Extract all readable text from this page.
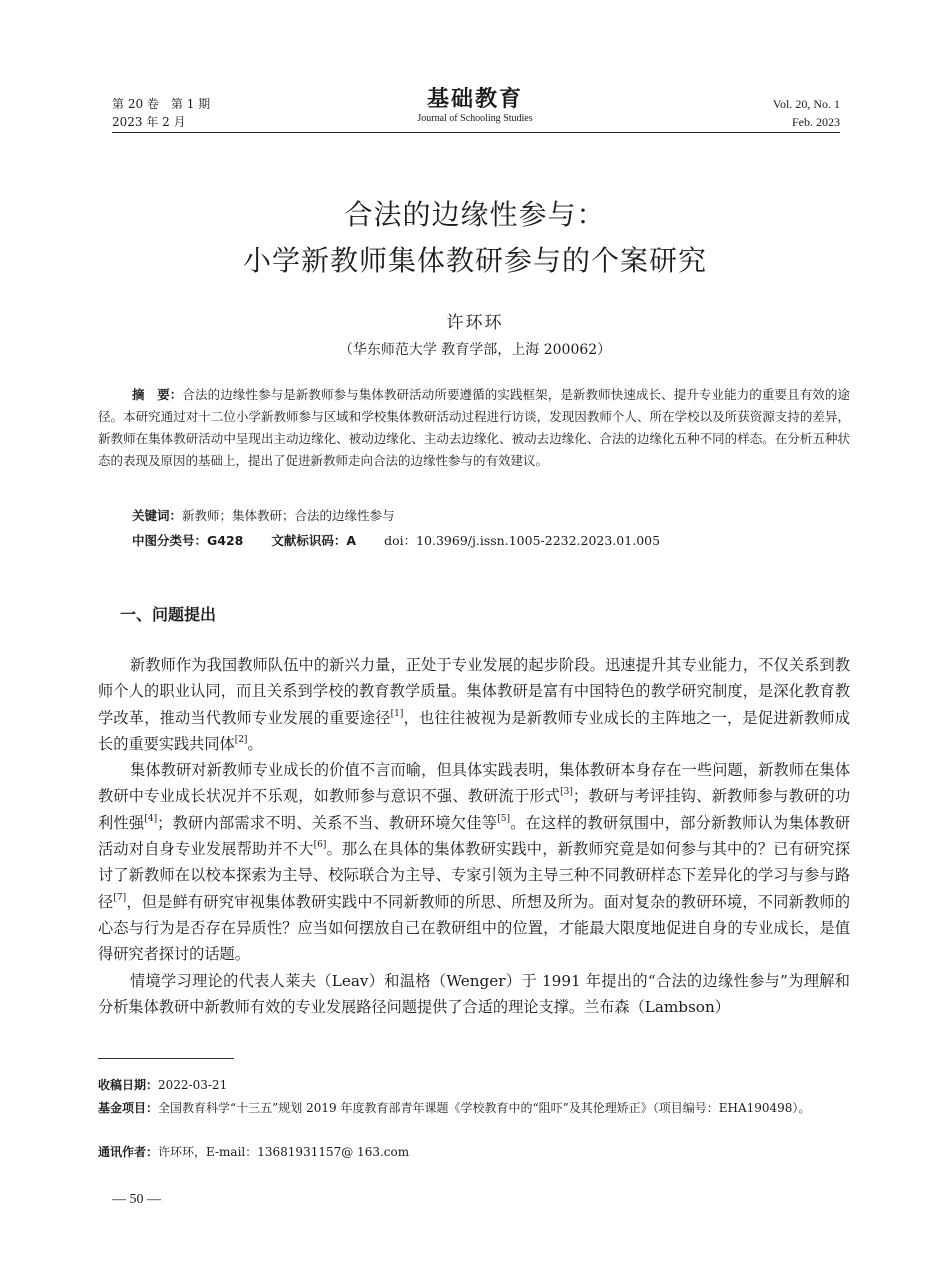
第 20 卷　第 1 期
2023 年 2 月
基础教育
Journal of Schooling Studies
Vol. 20, No. 1
Feb. 2023
合法的边缘性参与：
小学新教师集体教研参与的个案研究
许环环
（华东师范大学 教育学部，上海 200062）
摘　要：合法的边缘性参与是新教师参与集体教研活动所要遵循的实践框架，是新教师快速成长、提升专业能力的重要且有效的途径。本研究通过对十二位小学新教师参与区域和学校集体教研活动过程进行访谈，发现因教师个人、所在学校以及所获资源支持的差异，新教师在集体教研活动中呈现出主动边缘化、被动边缘化、主动去边缘化、被动去边缘化、合法的边缘化五种不同的样态。在分析五种状态的表现及原因的基础上，提出了促进新教师走向合法的边缘性参与的有效建议。
关键词：新教师；集体教研；合法的边缘性参与
中图分类号：G428 文献标识码：A doi：10.3969/j.issn.1005-2232.2023.01.005
一、问题提出

新教师作为我国教师队伍中的新兴力量，正处于专业发展的起步阶段。迅速提升其专业能力，不仅关系到教师个人的职业认同，而且关系到学校的教育教学质量。集体教研是富有中国特色的教学研究制度，是深化教育教学改革，推动当代教师专业发展的重要途径[1]，也往往被视为是新教师专业成长的主阵地之一，是促进新教师成长的重要实践共同体[2]。

集体教研对新教师专业成长的价值不言而喻，但具体实践表明，集体教研本身存在一些问题，新教师在集体教研中专业成长状况并不乐观，如教师参与意识不强、教研流于形式[3]；教研与考评挂钩、新教师参与教研的功利性强[4]；教研内部需求不明、关系不当、教研环境欠佳等[5]。在这样的教研氛围中，部分新教师认为集体教研活动对自身专业发展帮助并不大[6]。那么在具体的集体教研实践中，新教师究竟是如何参与其中的？已有研究探讨了新教师在以校本探索为主导、校际联合为主导、专家引领为主导三种不同教研样态下差异化的学习与参与路径[7]，但是鲜有研究审视集体教研实践中不同新教师的所思、所想及所为。面对复杂的教研环境，不同新教师的心态与行为是否存在异质性？应当如何摆放自己在教研组中的位置，才能最大限度地促进自身的专业成长，是值得研究者探讨的话题。

情境学习理论的代表人莱夫（Leav）和温格（Wenger）于 1991 年提出的“合法的边缘性参与”为理解和分析集体教研中新教师有效的专业发展路径问题提供了合适的理论支撑。兰布森（Lambson）

收稿日期：2022-03-21
基金项目：全国教育科学“十三五”规划 2019 年度教育部青年课题《学校教育中的“阻吓”及其伦理矫正》（项目编号：EHA190498）。
通讯作者：许环环，E-mail：13681931157@ 163.com
— 50 —
